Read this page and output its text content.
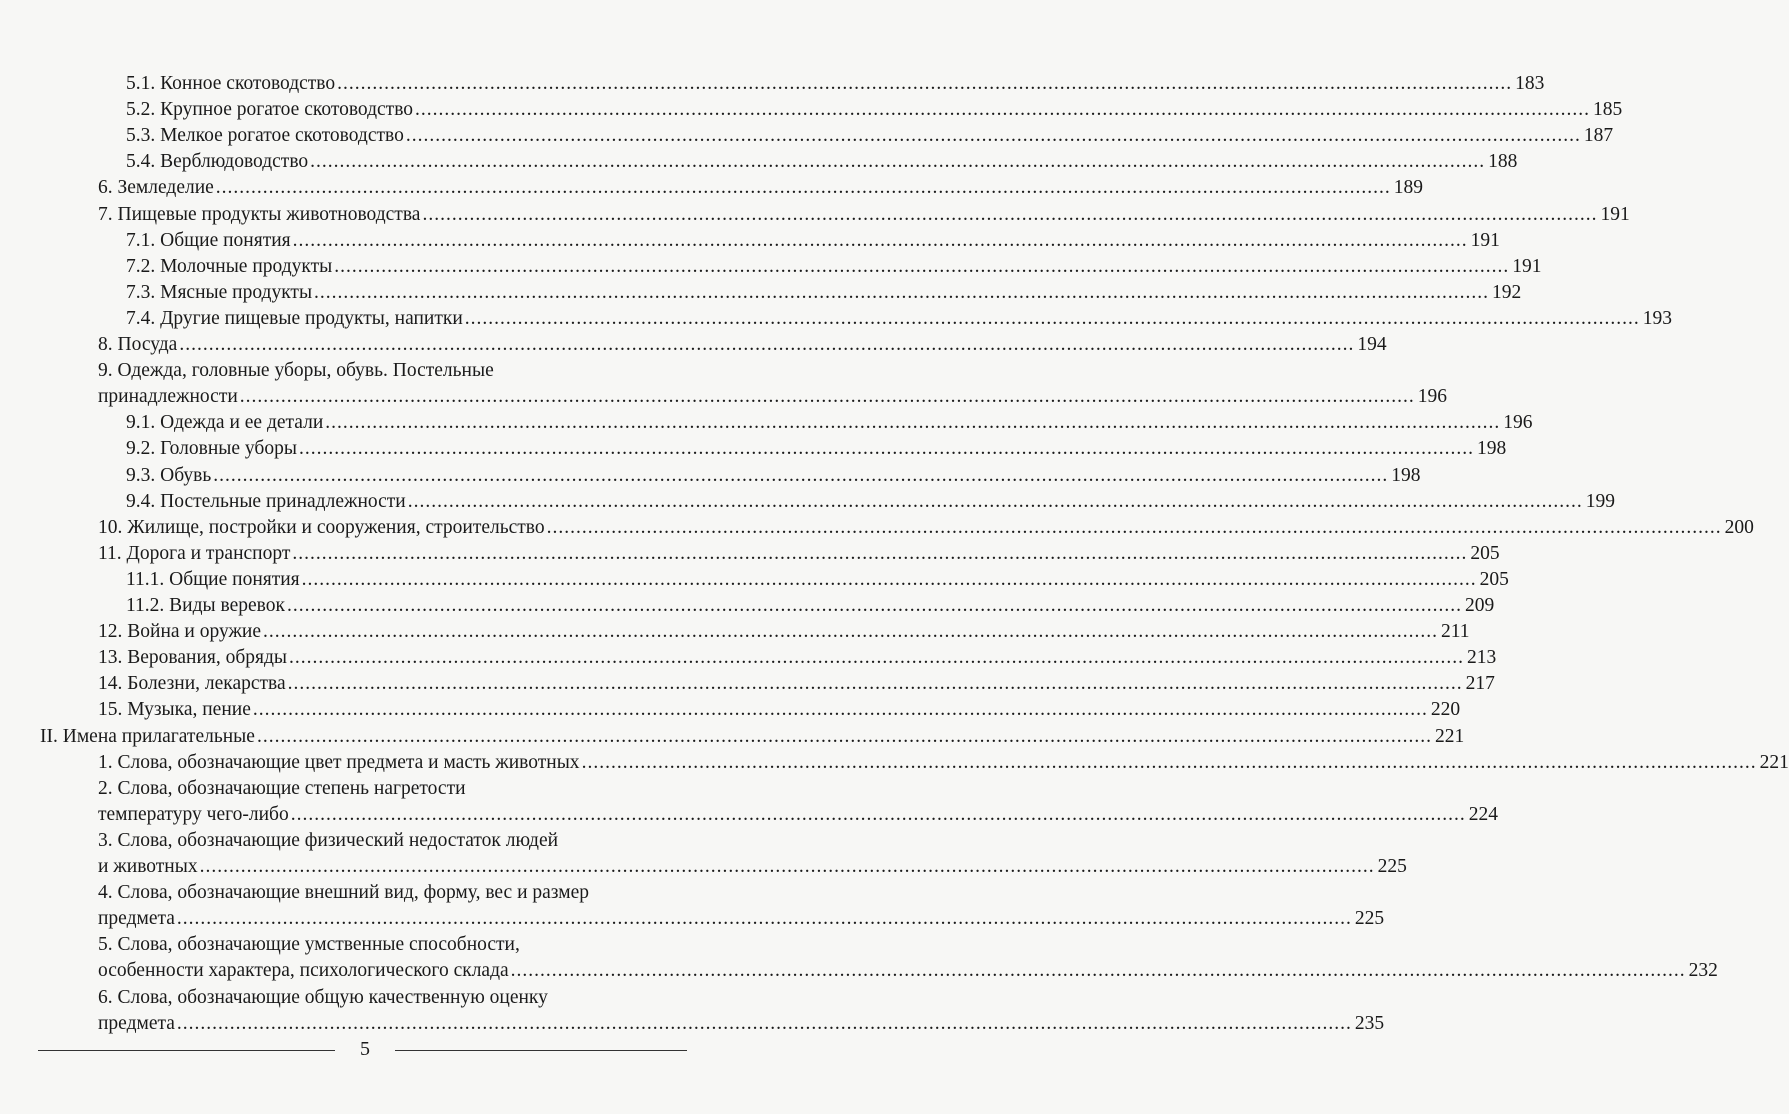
5.1. Конное скотоводство ........................................................................................................................................................................................................ 183
5.2. Крупное рогатое скотоводство ........................................................................................................................................................................................................ 185
5.3. Мелкое рогатое скотоводство ........................................................................................................................................................................................................ 187
5.4. Верблюдоводство ........................................................................................................................................................................................................ 188
6. Земледелие ........................................................................................................................................................................................................ 189
7. Пищевые продукты животноводства ........................................................................................................................................................................................................ 191
7.1. Общие понятия ........................................................................................................................................................................................................ 191
7.2. Молочные продукты ........................................................................................................................................................................................................ 191
7.3. Мясные продукты ........................................................................................................................................................................................................ 192
7.4. Другие пищевые продукты, напитки ........................................................................................................................................................................................................ 193
8. Посуда ........................................................................................................................................................................................................ 194
9. Одежда, головные уборы, обувь. Постельные
принадлежности ........................................................................................................................................................................................................ 196
9.1. Одежда и ее детали ........................................................................................................................................................................................................ 196
9.2. Головные уборы ........................................................................................................................................................................................................ 198
9.3. Обувь ........................................................................................................................................................................................................ 198
9.4. Постельные принадлежности ........................................................................................................................................................................................................ 199
10. Жилище, постройки и сооружения, строительство ........................................................................................................................................................................................................ 200
11. Дорога и транспорт ........................................................................................................................................................................................................ 205
11.1. Общие понятия ........................................................................................................................................................................................................ 205
11.2. Виды веревок ........................................................................................................................................................................................................ 209
12. Война и оружие ........................................................................................................................................................................................................ 211
13. Верования, обряды ........................................................................................................................................................................................................ 213
14. Болезни, лекарства ........................................................................................................................................................................................................ 217
15. Музыка, пение ........................................................................................................................................................................................................ 220
II. Имена прилагательные ........................................................................................................................................................................................................ 221
1. Слова, обозначающие цвет предмета и масть животных ........................................................................................................................................................................................................ 221
2. Слова, обозначающие степень нагретости
температуру чего-либо ........................................................................................................................................................................................................ 224
3. Слова, обозначающие физический недостаток людей
и животных ........................................................................................................................................................................................................ 225
4. Слова, обозначающие внешний вид, форму, вес и размер
предмета ........................................................................................................................................................................................................ 225
5. Слова, обозначающие умственные способности,
особенности характера, психологического склада ........................................................................................................................................................................................................ 232
6. Слова, обозначающие общую качественную оценку
предмета ........................................................................................................................................................................................................ 235
5
